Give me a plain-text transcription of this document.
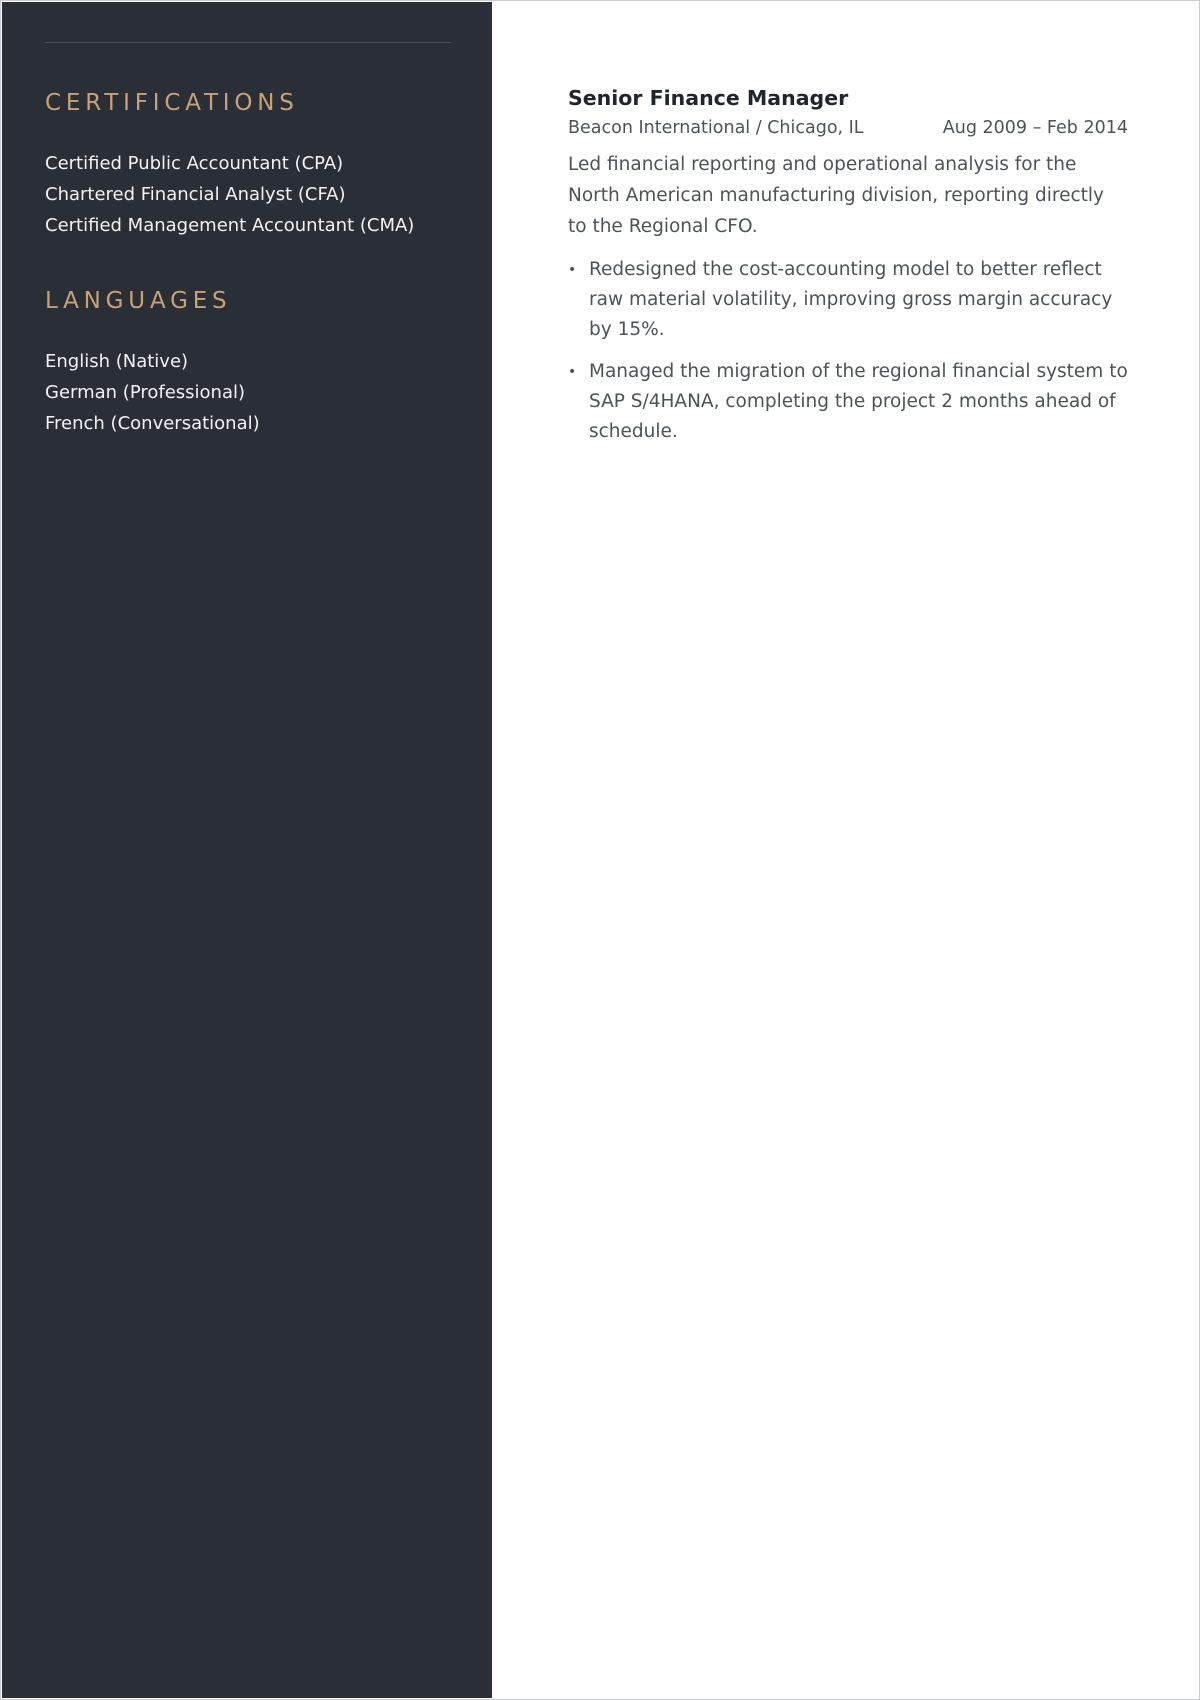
CERTIFICATIONS
Certified Public Accountant (CPA)
Chartered Financial Analyst (CFA)
Certified Management Accountant (CMA)
LANGUAGES
English (Native)
German (Professional)
French (Conversational)
Senior Finance Manager
Beacon International / Chicago, IL	Aug 2009 – Feb 2014

Led financial reporting and operational analysis for the North American manufacturing division, reporting directly to the Regional CFO.

• Redesigned the cost-accounting model to better reflect raw material volatility, improving gross margin accuracy by 15%.
• Managed the migration of the regional financial system to SAP S/4HANA, completing the project 2 months ahead of schedule.
